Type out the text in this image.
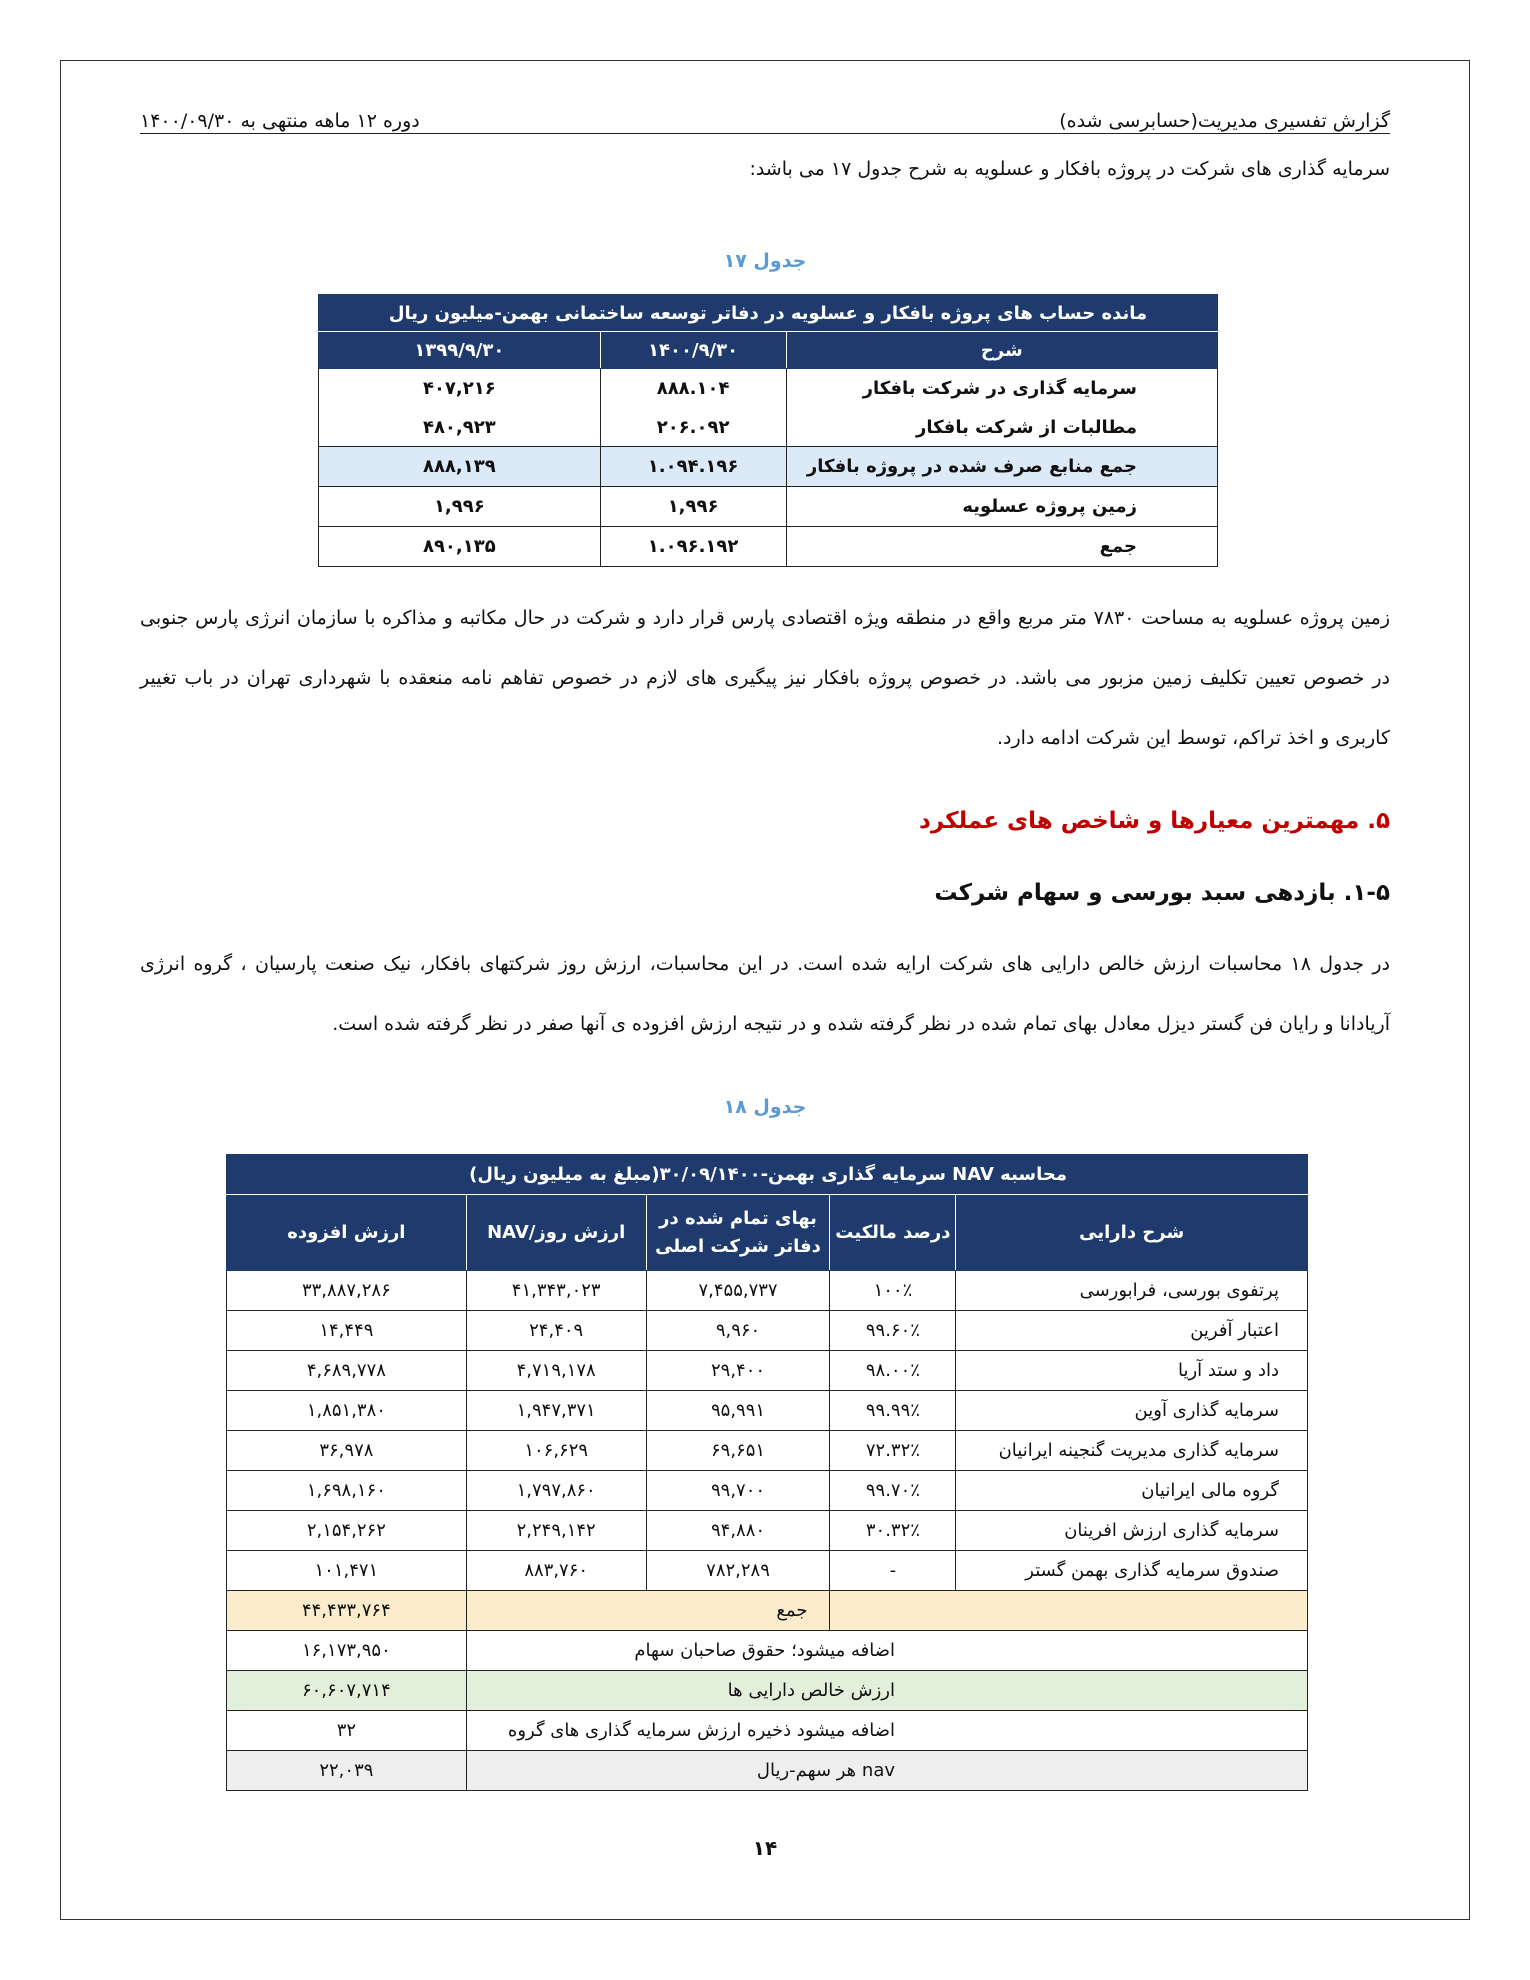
گزارش تفسیری مدیریت(حسابرسی شده)
دوره ۱۲ ماهه منتهی به ۱۴۰۰/۰۹/۳۰

سرمایه گذاری های شرکت در پروژه بافکار و عسلویه به شرح جدول ۱۷ می باشد:

جدول ۱۷
مانده حساب های پروژه بافکار و عسلویه در دفاتر توسعه ساختمانی بهمن-میلیون ریال		
شرح	۱۴۰۰/۹/۳۰	۱۳۹۹/۹/۳۰
سرمایه گذاری در شرکت بافکار	۸۸۸.۱۰۴	۴۰۷,۲۱۶
مطالبات از شرکت بافکار	۲۰۶.۰۹۲	۴۸۰,۹۲۳
جمع منابع صرف شده در پروژه بافکار	۱.۰۹۴.۱۹۶	۸۸۸,۱۳۹
زمین پروژه عسلویه	۱,۹۹۶	۱,۹۹۶
جمع	۱.۰۹۶.۱۹۲	۸۹۰,۱۳۵

زمین پروژه عسلویه به مساحت ۷۸۳۰ متر مربع واقع در منطقه ویژه اقتصادی پارس قرار دارد و شرکت در حال مکاتبه و مذاکره با سازمان انرژی پارس جنوبی در خصوص تعیین تکلیف زمین مزبور می باشد. در خصوص پروژه بافکار نیز پیگیری های لازم در خصوص تفاهم نامه منعقده با شهرداری تهران در باب تغییر کاربری و اخذ تراکم، توسط این شرکت ادامه دارد.

۵. مهمترین معیارها و شاخص های عملکرد
۱-۵. بازدهی سبد بورسی و سهام شرکت

در جدول ۱۸ محاسبات ارزش خالص دارایی های شرکت ارایه شده است. در این محاسبات، ارزش روز شرکتهای بافکار، نیک صنعت پارسیان ، گروه انرژی آریادانا و رایان فن گستر دیزل معادل بهای تمام شده در نظر گرفته شده و در نتیجه ارزش افزوده ی آنها صفر در نظر گرفته شده است.

جدول ۱۸
محاسبه NAV سرمایه گذاری بهمن-۳۰/۰۹/۱۴۰۰(مبلغ به میلیون ریال)				
شرح دارایی	درصد مالکیت	بهای تمام شده در دفاتر شرکت اصلی	ارزش روز/NAV	ارزش افزوده
پرتفوی بورسی، فرابورسی	۱۰۰٪	۷,۴۵۵,۷۳۷	۴۱,۳۴۳,۰۲۳	۳۳,۸۸۷,۲۸۶
اعتبار آفرین	۹۹.۶۰٪	۹,۹۶۰	۲۴,۴۰۹	۱۴,۴۴۹
داد و ستد آریا	۹۸.۰۰٪	۲۹,۴۰۰	۴,۷۱۹,۱۷۸	۴,۶۸۹,۷۷۸
سرمایه گذاری آوین	۹۹.۹۹٪	۹۵,۹۹۱	۱,۹۴۷,۳۷۱	۱,۸۵۱,۳۸۰
سرمایه گذاری مدیریت گنجینه ایرانیان	۷۲.۳۲٪	۶۹,۶۵۱	۱۰۶,۶۲۹	۳۶,۹۷۸
گروه مالی ایرانیان	۹۹.۷۰٪	۹۹,۷۰۰	۱,۷۹۷,۸۶۰	۱,۶۹۸,۱۶۰
سرمایه گذاری ارزش افرینان	۳۰.۳۲٪	۹۴,۸۸۰	۲,۲۴۹,۱۴۲	۲,۱۵۴,۲۶۲
صندوق سرمایه گذاری بهمن گستر	-	۷۸۲,۲۸۹	۸۸۳,۷۶۰	۱۰۱,۴۷۱
		جمع		۴۴,۴۳۳,۷۶۴
اضافه میشود؛ حقوق صاحبان سهام				۱۶,۱۷۳,۹۵۰
ارزش خالص دارایی ها				۶۰,۶۰۷,۷۱۴
اضافه میشود ذخیره ارزش سرمایه گذاری های گروه				۳۲
nav هر سهم-ریال				۲۲,۰۳۹
۱۴
